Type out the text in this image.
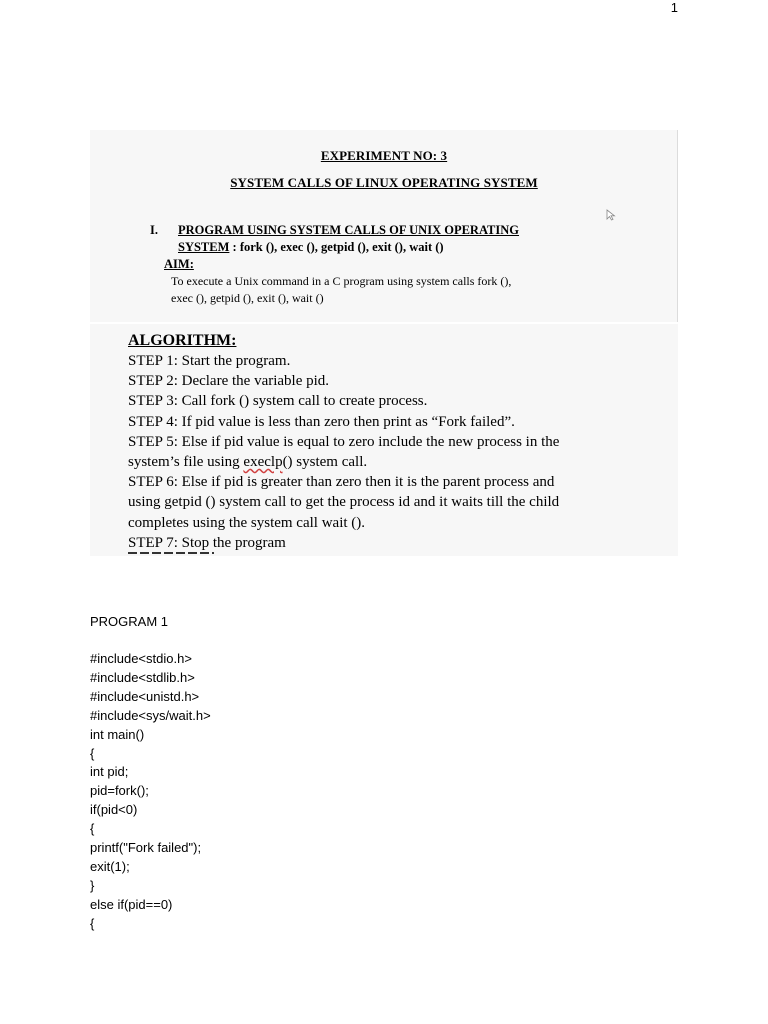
1
EXPERIMENT NO: 3
SYSTEM CALLS OF LINUX OPERATING SYSTEM
I. PROGRAM USING SYSTEM CALLS OF UNIX OPERATING
SYSTEM : fork (), exec (), getpid (), exit (), wait ()
AIM:
To execute a Unix command in a C program using system calls fork (),
exec (), getpid (), exit (), wait ()
ALGORITHM:
STEP 1: Start the program.
STEP 2: Declare the variable pid.
STEP 3: Call fork () system call to create process.
STEP 4: If pid value is less than zero then print as “Fork failed”.
STEP 5: Else if pid value is equal to zero include the new process in the
system’s file using execlp() system call.
STEP 6: Else if pid is greater than zero then it is the parent process and
using getpid () system call to get the process id and it waits till the child
completes using the system call wait ().
STEP 7: Stop the program
PROGRAM 1
#include<stdio.h>
#include<stdlib.h>
#include<unistd.h>
#include<sys/wait.h>
int main()
{
int pid;
pid=fork();
if(pid<0)
{
printf("Fork failed");
exit(1);
}
else if(pid==0)
{
